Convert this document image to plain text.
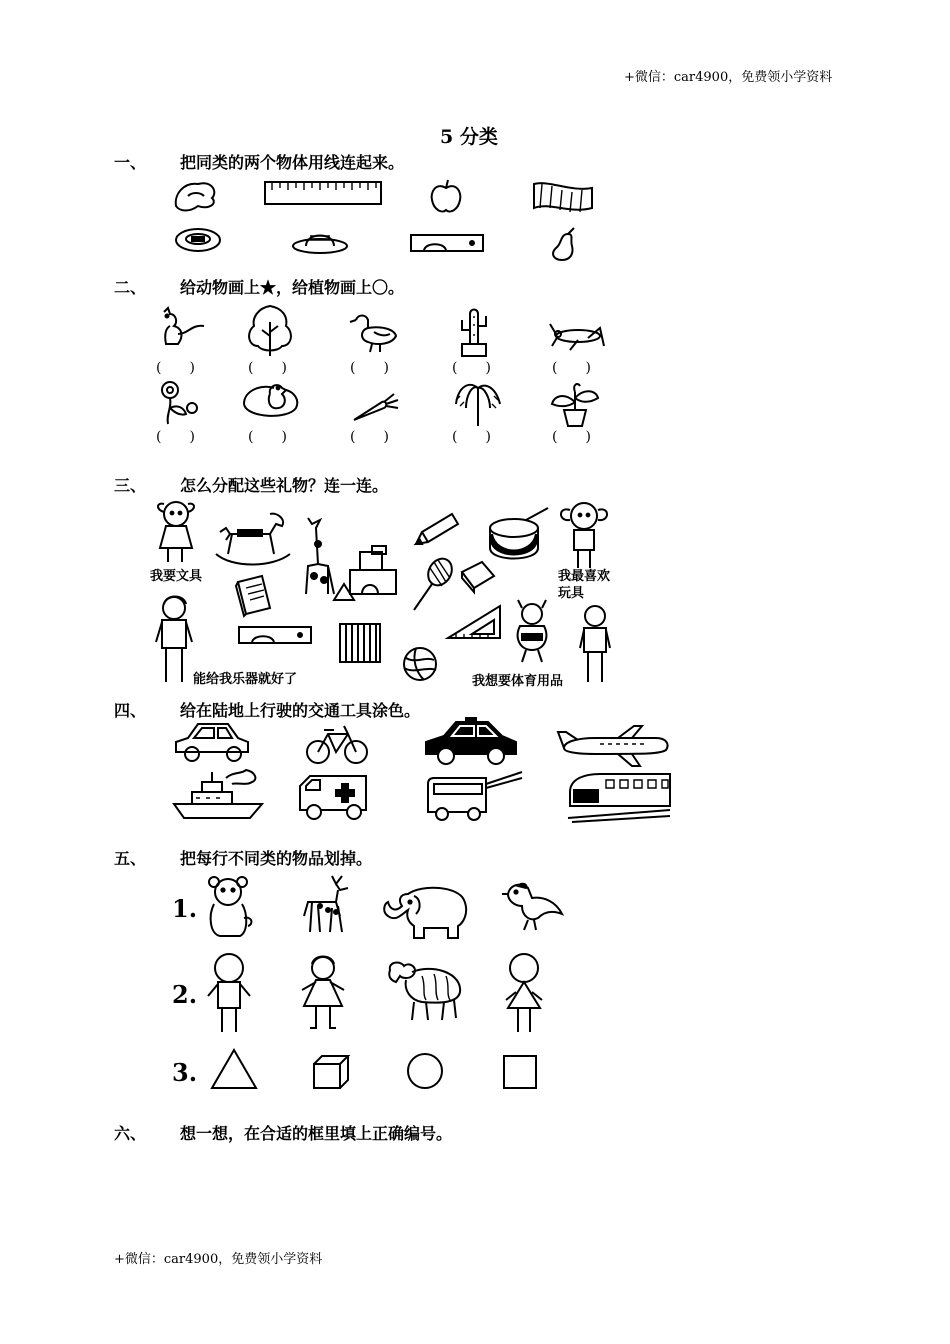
+微信：car4900，免费领小学资料
5 分类
一、 把同类的两个物体用线连起来。
二、 给动物画上★，给植物画上〇。
三、 怎么分配这些礼物？连一连。
四、 给在陆地上行驶的交通工具涂色。
五、 把每行不同类的物品划掉。
六、 想一想，在合适的框里填上正确编号。
+微信：car4900，免费领小学资料
(　　)	(　　)	(　　)	(　　)	(　　)
(　　)	(　　)	(　　)	(　　)	(　　)
我要文具	我最喜欢
玩具
能给我乐器就好了	我想要体育用品
1.
2.
3.
